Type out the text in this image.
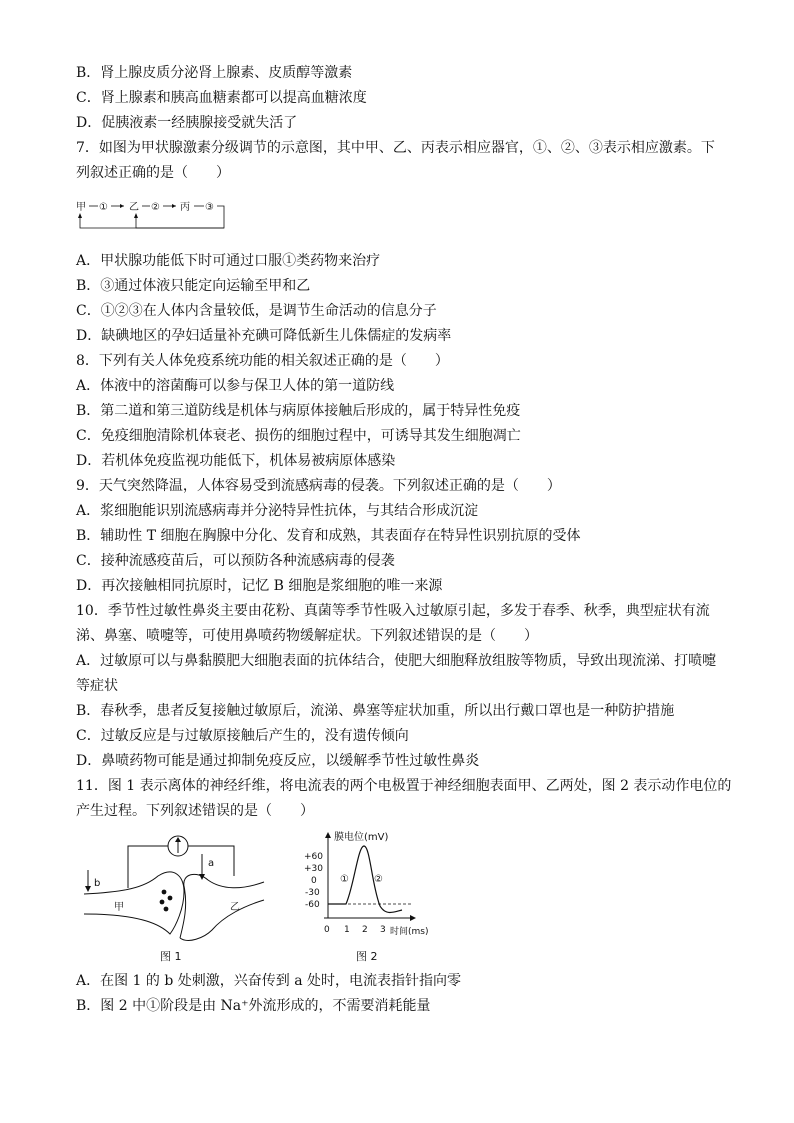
B．肾上腺皮质分泌肾上腺素、皮质醇等激素
C．肾上腺素和胰高血糖素都可以提高血糖浓度
D．促胰液素一经胰腺接受就失活了
7．如图为甲状腺激素分级调节的示意图，其中甲、乙、丙表示相应器官，①、②、③表示相应激素。下
列叙述正确的是（　　）
甲 ① 乙 ② 丙 ③
A．甲状腺功能低下时可通过口服①类药物来治疗
B．③通过体液只能定向运输至甲和乙
C．①②③在人体内含量较低，是调节生命活动的信息分子
D．缺碘地区的孕妇适量补充碘可降低新生儿侏儒症的发病率
8．下列有关人体免疫系统功能的相关叙述正确的是（　　）
A．体液中的溶菌酶可以参与保卫人体的第一道防线
B．第二道和第三道防线是机体与病原体接触后形成的，属于特异性免疫
C．免疫细胞清除机体衰老、损伤的细胞过程中，可诱导其发生细胞凋亡
D．若机体免疫监视功能低下，机体易被病原体感染
9．天气突然降温，人体容易受到流感病毒的侵袭。下列叙述正确的是（　　）
A．浆细胞能识别流感病毒并分泌特异性抗体，与其结合形成沉淀
B．辅助性 T 细胞在胸腺中分化、发育和成熟，其表面存在特异性识别抗原的受体
C．接种流感疫苗后，可以预防各种流感病毒的侵袭
D．再次接触相同抗原时，记忆 B 细胞是浆细胞的唯一来源
10．季节性过敏性鼻炎主要由花粉、真菌等季节性吸入过敏原引起，多发于春季、秋季，典型症状有流
涕、鼻塞、喷嚏等，可使用鼻喷药物缓解症状。下列叙述错误的是（　　）
A．过敏原可以与鼻黏膜肥大细胞表面的抗体结合，使肥大细胞释放组胺等物质，导致出现流涕、打喷嚏
等症状
B．春秋季，患者反复接触过敏原后，流涕、鼻塞等症状加重，所以出行戴口罩也是一种防护措施
C．过敏反应是与过敏原接触后产生的，没有遗传倾向
D．鼻喷药物可能是通过抑制免疫反应，以缓解季节性过敏性鼻炎
11．图 1 表示离体的神经纤维，将电流表的两个电极置于神经细胞表面甲、乙两处，图 2 表示动作电位的
产生过程。下列叙述错误的是（　　）
a
b
甲	乙
图 1
膜电位(mV)
+60
+30
0
-30
-60
①	②
0 1 2 3 时间(ms)
图 2
A．在图 1 的 b 处刺激，兴奋传到 a 处时，电流表指针指向零
B．图 2 中①阶段是由 Na⁺外流形成的，不需要消耗能量
